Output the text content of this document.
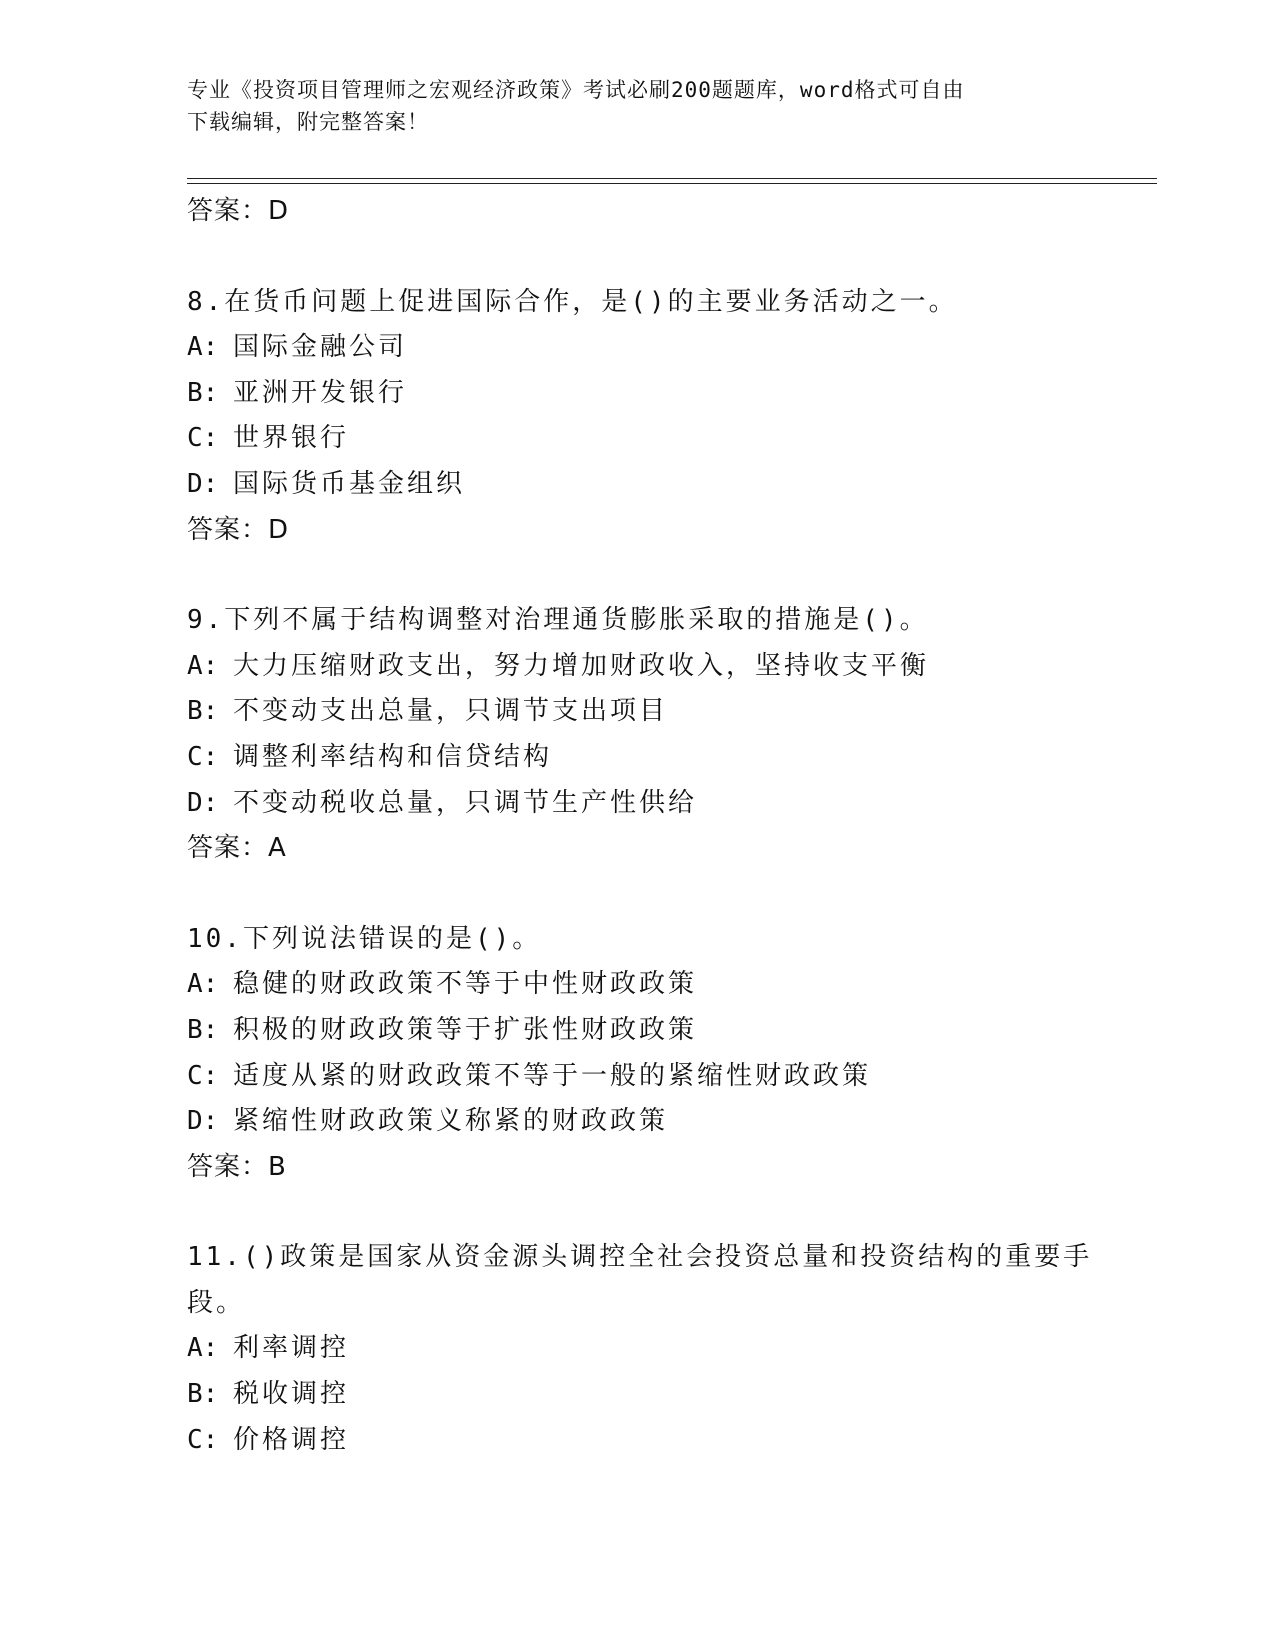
专业《投资项目管理师之宏观经济政策》考试必刷200题题库，word格式可自由
下载编辑，附完整答案！
答案：D
8.在货币问题上促进国际合作，是()的主要业务活动之一。
A: 国际金融公司
B: 亚洲开发银行
C: 世界银行
D: 国际货币基金组织
答案：D
9.下列不属于结构调整对治理通货膨胀采取的措施是()。
A: 大力压缩财政支出，努力增加财政收入，坚持收支平衡
B: 不变动支出总量，只调节支出项目
C: 调整利率结构和信贷结构
D: 不变动税收总量，只调节生产性供给
答案：A
10.下列说法错误的是()。
A: 稳健的财政政策不等于中性财政政策
B: 积极的财政政策等于扩张性财政政策
C: 适度从紧的财政政策不等于一般的紧缩性财政政策
D: 紧缩性财政政策义称紧的财政政策
答案：B
11.()政策是国家从资金源头调控全社会投资总量和投资结构的重要手
段。
A: 利率调控
B: 税收调控
C: 价格调控
